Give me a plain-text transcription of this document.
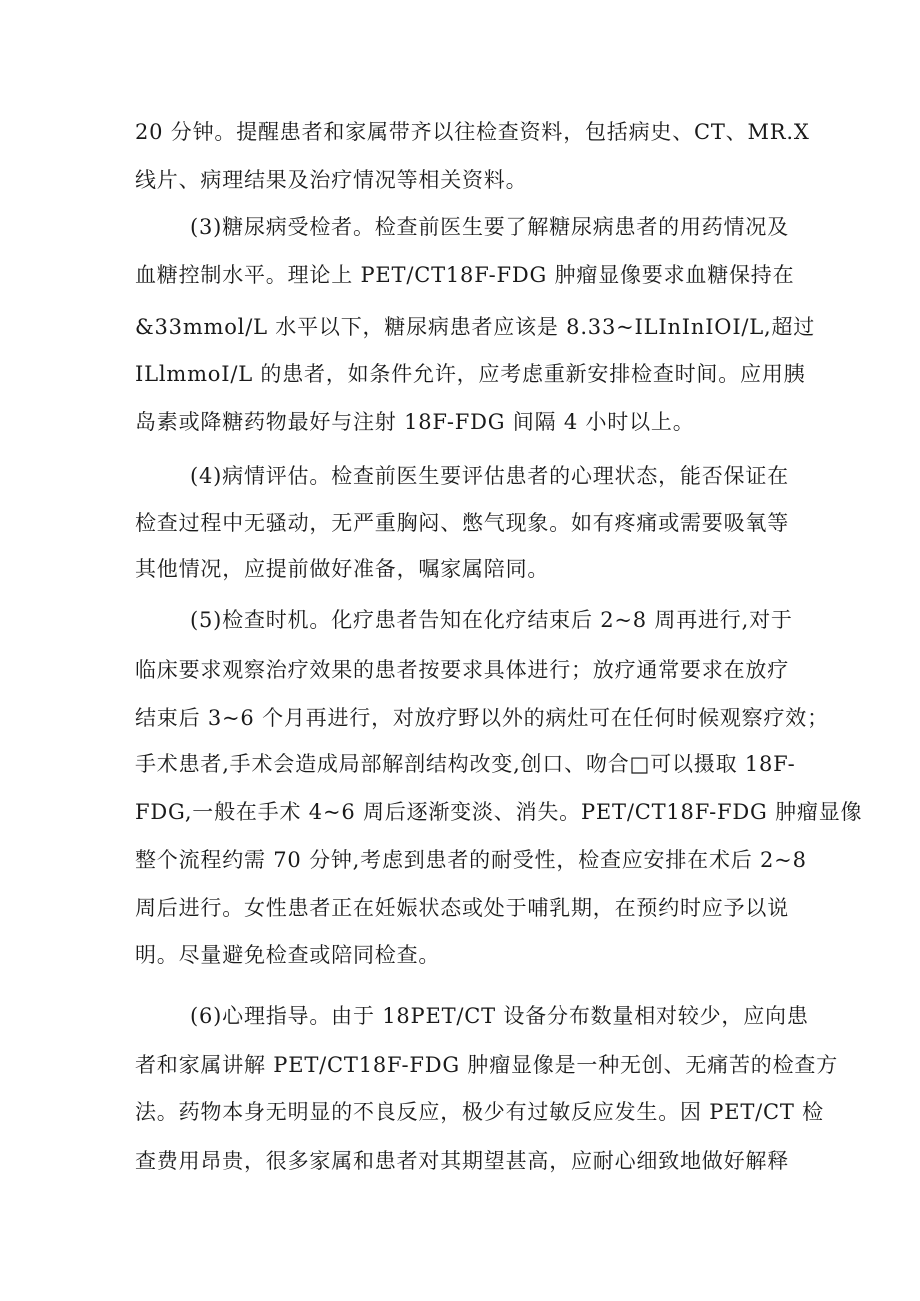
20 分钟。提醒患者和家属带齐以往检查资料，包括病史、CT、MR.X
线片、病理结果及治疗情况等相关资料。
(3)糖尿病受检者。检查前医生要了解糖尿病患者的用药情况及
血糖控制水平。理论上 PET/CT18F-FDG 肿瘤显像要求血糖保持在
&33mmol/L 水平以下，糖尿病患者应该是 8.33~ILInInIOI/L,超过
ILlmmoI/L 的患者，如条件允许，应考虑重新安排检查时间。应用胰
岛素或降糖药物最好与注射 18F-FDG 间隔 4 小时以上。
(4)病情评估。检查前医生要评估患者的心理状态，能否保证在
检查过程中无骚动，无严重胸闷、憋气现象。如有疼痛或需要吸氧等
其他情况，应提前做好准备，嘱家属陪同。
(5)检查时机。化疗患者告知在化疗结束后 2~8 周再进行,对于
临床要求观察治疗效果的患者按要求具体进行；放疗通常要求在放疗
结束后 3~6 个月再进行，对放疗野以外的病灶可在任何时候观察疗效；
手术患者,手术会造成局部解剖结构改变,创口、吻合□可以摄取 18F-
FDG,一般在手术 4~6 周后逐渐变淡、消失。PET/CT18F-FDG 肿瘤显像
整个流程约需 70 分钟,考虑到患者的耐受性，检查应安排在术后 2~8
周后进行。女性患者正在妊娠状态或处于哺乳期，在预约时应予以说
明。尽量避免检查或陪同检查。
(6)心理指导。由于 18PET/CT 设备分布数量相对较少，应向患
者和家属讲解 PET/CT18F-FDG 肿瘤显像是一种无创、无痛苦的检查方
法。药物本身无明显的不良反应，极少有过敏反应发生。因 PET/CT 检
查费用昂贵，很多家属和患者对其期望甚高，应耐心细致地做好解释
